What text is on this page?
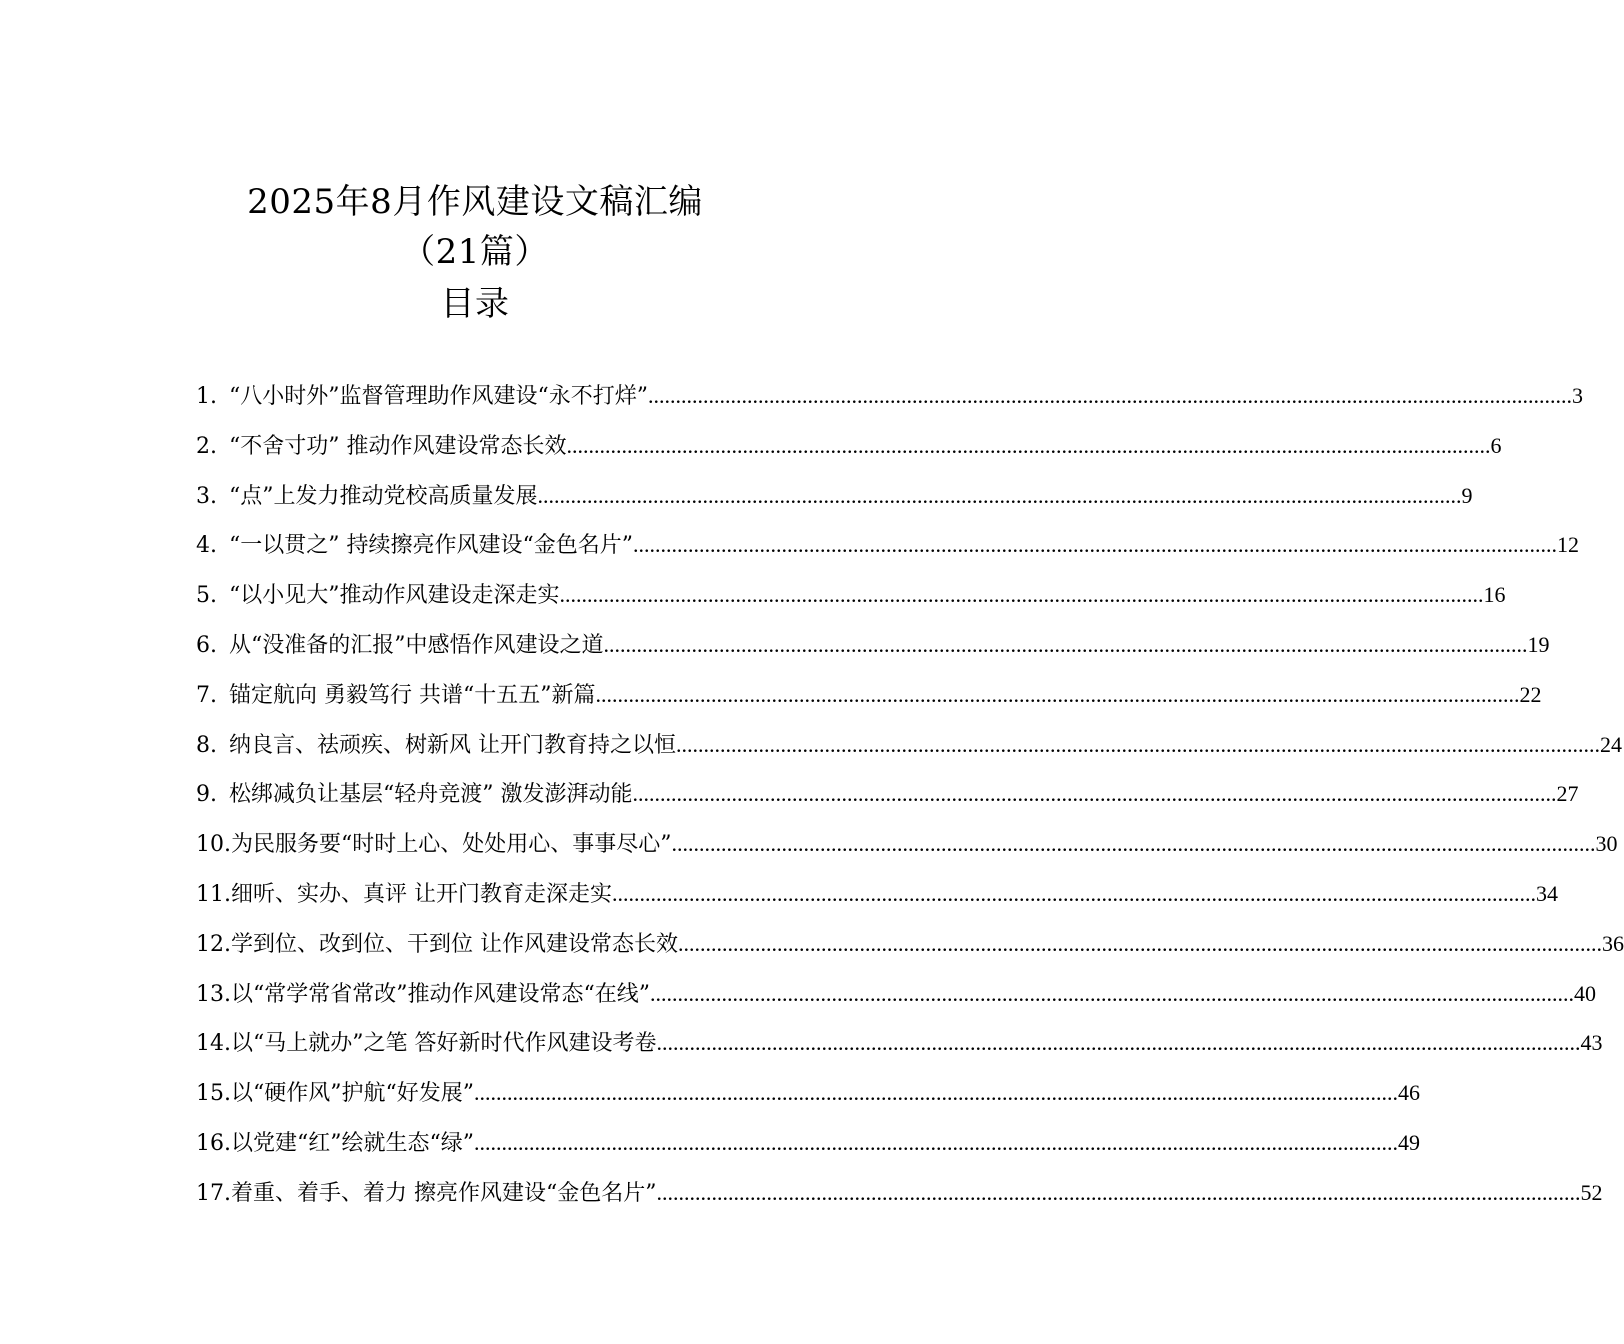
2025年8月作风建设文稿汇编
（21篇）
目录
1. “八小时外”监督管理助作风建设“永不打烊” .....	3
2. “不舍寸功” 推动作风建设常态长效 .....	6
3. “点”上发力推动党校高质量发展 .....	9
4. “一以贯之” 持续擦亮作风建设“金色名片” .....	12
5. “以小见大”推动作风建设走深走实 .....	16
6. 从“没准备的汇报”中感悟作风建设之道 .....	19
7. 锚定航向 勇毅笃行 共谱“十五五”新篇 .....	22
8. 纳良言、祛顽疾、树新风 让开门教育持之以恒 .....	24
9. 松绑减负让基层“轻舟竞渡” 激发澎湃动能 .....	27
10. 为民服务要“时时上心、处处用心、事事尽心” .....	30
11. 细听、实办、真评 让开门教育走深走实 .....	34
12. 学到位、改到位、干到位 让作风建设常态长效 .....	36
13. 以“常学常省常改”推动作风建设常态“在线” .....	40
14. 以“马上就办”之笔 答好新时代作风建设考卷 .....	43
15. 以“硬作风”护航“好发展” .....	46
16. 以党建“红”绘就生态“绿” .....	49
17. 着重、着手、着力 擦亮作风建设“金色名片” .....	52
